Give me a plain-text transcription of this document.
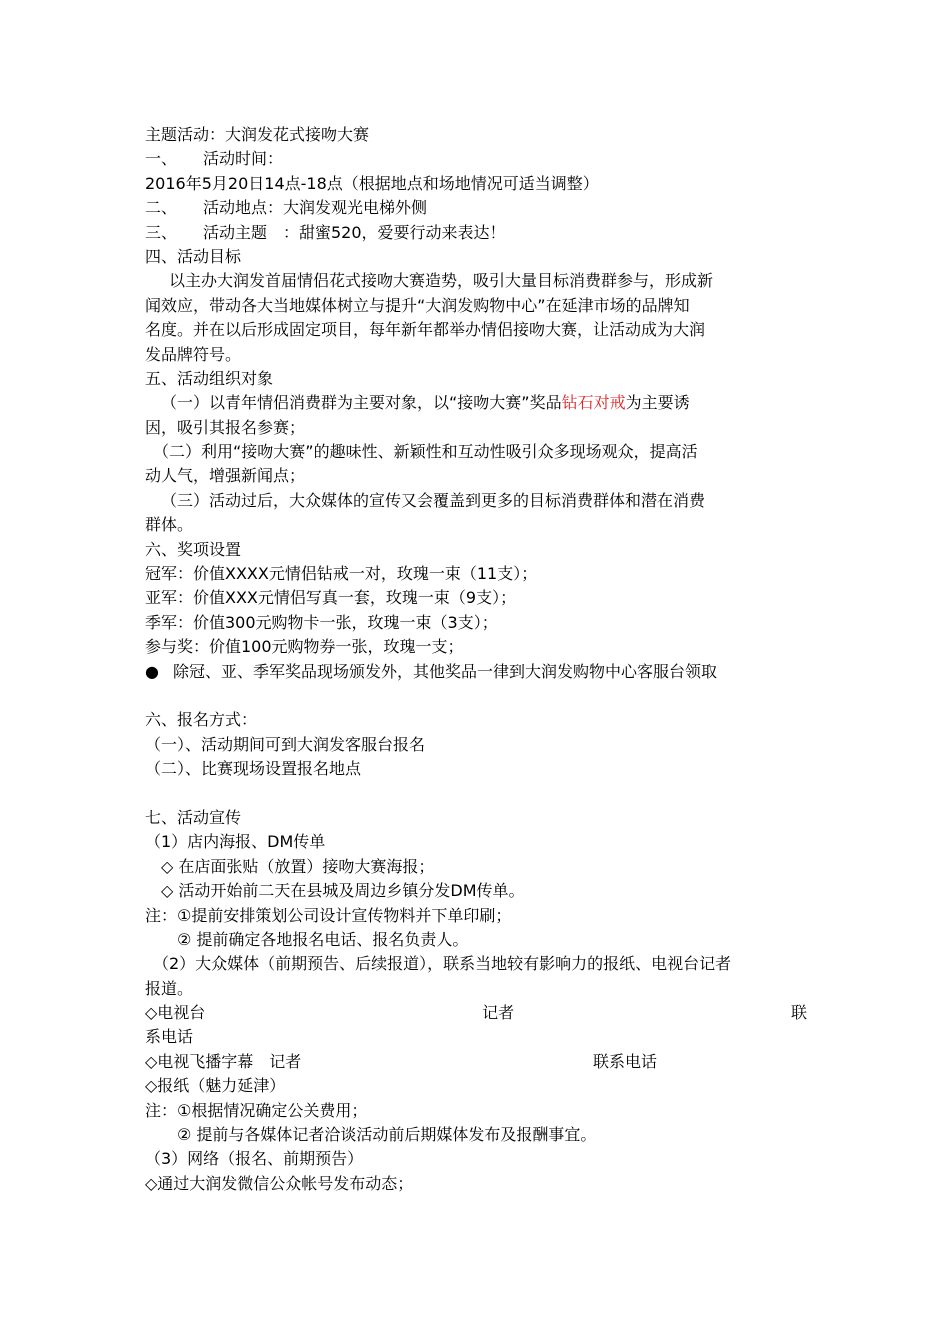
主题活动：大润发花式接吻大赛
一、 活动时间：
2016年5月20日14点-18点（根据地点和场地情况可适当调整）
二、 活动地点：大润发观光电梯外侧
三、 活动主题　：甜蜜520，爱要行动来表达！
四、活动目标
以主办大润发首届情侣花式接吻大赛造势，吸引大量目标消费群参与，形成新
闻效应，带动各大当地媒体树立与提升“大润发购物中心”在延津市场的品牌知
名度。并在以后形成固定项目，每年新年都举办情侣接吻大赛，让活动成为大润
发品牌符号。
五、活动组织对象
（一）以青年情侣消费群为主要对象，以“接吻大赛”奖品钻石对戒为主要诱
因，吸引其报名参赛；
（二）利用“接吻大赛”的趣味性、新颖性和互动性吸引众多现场观众，提高活
动人气，增强新闻点；
（三）活动过后，大众媒体的宣传又会覆盖到更多的目标消费群体和潜在消费
群体。
六、奖项设置
冠军：价值XXXX元情侣钻戒一对，玫瑰一束（11支）；
亚军：价值XXX元情侣写真一套，玫瑰一束（9支）；
季军：价值300元购物卡一张，玫瑰一束（3支）；
参与奖：价值100元购物券一张，玫瑰一支；
● 除冠、亚、季军奖品现场颁发外，其他奖品一律到大润发购物中心客服台领取
六、报名方式：
（一）、活动期间可到大润发客服台报名
（二）、比赛现场设置报名地点
七、活动宣传
（1）店内海报、DM传单
◇ 在店面张贴（放置）接吻大赛海报；
◇ 活动开始前二天在县城及周边乡镇分发DM传单。
注：①提前安排策划公司设计宣传物料并下单印刷；
② 提前确定各地报名电话、报名负责人。
（2）大众媒体（前期预告、后续报道），联系当地较有影响力的报纸、电视台记者
报道。
◇电视台	记者	联
系电话
◇电视飞播字幕　记者	联系电话
◇报纸（魅力延津）
注：①根据情况确定公关费用；
② 提前与各媒体记者洽谈活动前后期媒体发布及报酬事宜。
（3）网络（报名、前期预告）
◇通过大润发微信公众帐号发布动态；
